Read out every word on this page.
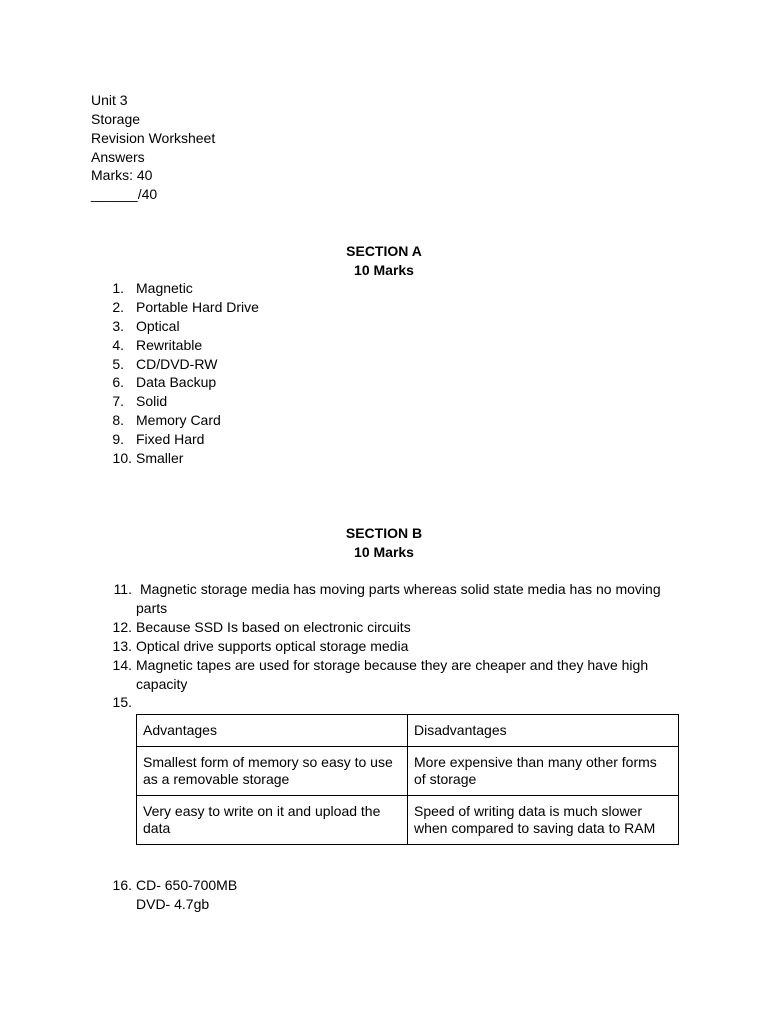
Unit 3
Storage
Revision Worksheet
Answers
Marks: 40
______/40
SECTION A
10 Marks
1. Magnetic
2. Portable Hard Drive
3. Optical
4. Rewritable
5. CD/DVD-RW
6. Data Backup
7. Solid
8. Memory Card
9. Fixed Hard
10. Smaller
SECTION B
10 Marks
11. Magnetic storage media has moving parts whereas solid state media has no moving parts
12. Because SSD Is based on electronic circuits
13. Optical drive supports optical storage media
14. Magnetic tapes are used for storage because they are cheaper and they have high capacity
15.
Advantages	Disadvantages
Smallest form of memory so easy to use as a removable storage	More expensive than many other forms of storage
Very easy to write on it and upload the data	Speed of writing data is much slower when compared to saving data to RAM
16. CD- 650-700MB
DVD- 4.7gb
